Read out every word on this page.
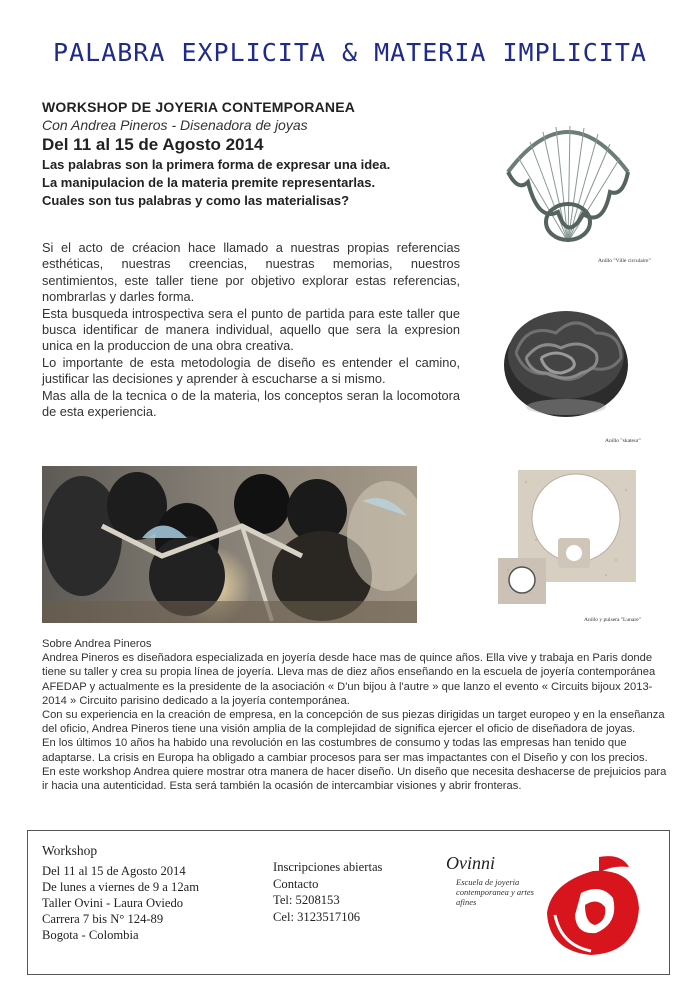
PALABRA EXPLICITA & MATERIA IMPLICITA

WORKSHOP DE JOYERIA CONTEMPORANEA

Con Andrea Pineros - Disenadora de joyas

Del 11 al 15 de Agosto 2014

Las palabras son la primera forma de expresar una idea.

La manipulacion de la materia premite representarlas.

Cuales son tus palabras y como las materialisas?

Si el acto de créacion hace llamado a nuestras propias referencias esthéticas, nuestras creencias, nuestras memorias, nuestros sentimientos, este taller tiene por objetivo explorar estas referencias, nombrarlas y darles forma.

Esta busqueda introspectiva sera el punto de partida para este taller que busca identificar de manera individual, aquello que sera la expresion unica en la produccion de una obra creativa.

Lo importante de esta metodologia de diseño es entender el camino, justificar las decisiones y aprender à escucharse a si mismo.

Mas alla de la tecnica o de la materia, los conceptos seran la locomotora de esta experiencia.

Anillo "Ville circulaire"
Anillo "skateur"
Anillo y pulsera "Lunare"

Sobre Andrea Pineros

Andrea Pineros es diseñadora especializada en joyería desde hace mas de quince años. Ella vive y trabaja en Paris donde tiene su taller y crea su propia línea de joyería. Lleva mas de diez años enseñando en la escuela de joyería contemporánea AFEDAP y actualmente es la presidente de la asociación « D'un bijou à l'autre » que lanzo el evento « Circuits bijoux 2013-2014 » Circuito parisino dedicado a la joyería contemporánea.

Con su experiencia en la creación de empresa, en la concepción de sus piezas dirigidas un target europeo y en la enseñanza del oficio, Andrea Pineros tiene una visión amplia de la complejidad de significa ejercer el oficio de diseñadora de joyas.

En los últimos 10 años ha habido una revolución en las costumbres de consumo y todas las empresas han tenido que adaptarse. La crisis en Europa ha obligado a cambiar procesos para ser mas impactantes con el Diseño y con los precios.

En este workshop Andrea quiere mostrar otra manera de hacer diseño. Un diseño que necesita deshacerse de prejuicios para ir hacia una autenticidad. Esta será también la ocasión de intercambiar visiones y abrir fronteras.

Workshop
Del 11 al 15 de Agosto 2014
De lunes a viernes de 9 a 12am
Taller Ovini - Laura Oviedo
Carrera 7 bis N° 124-89
Bogota - Colombia
Inscripciones abiertas
Contacto
Tel: 5208153
Cel: 3123517106
Ovinni
Escuela de joyeria contemporanea y artes afines
